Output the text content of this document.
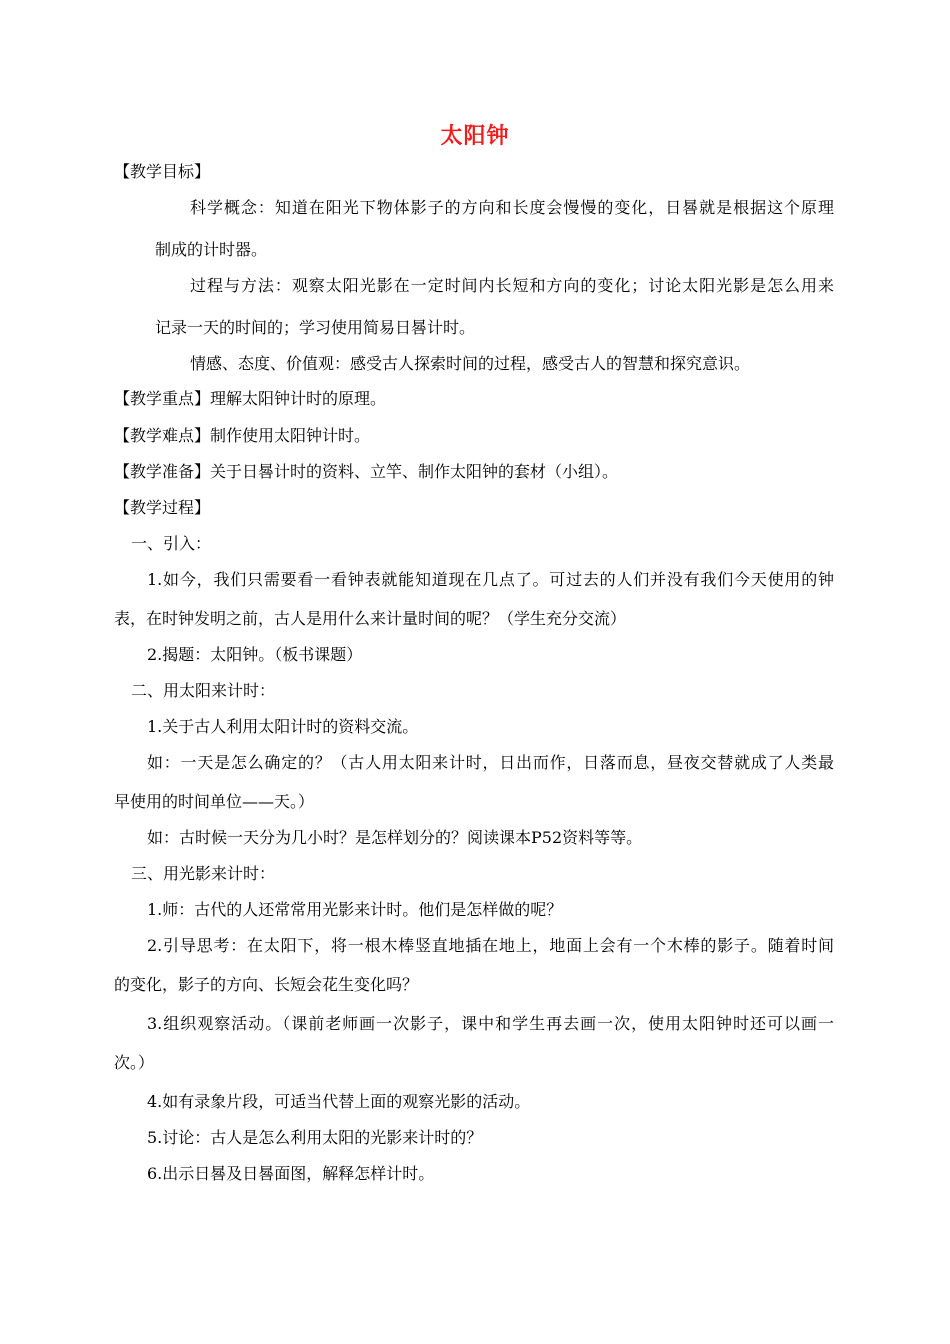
太阳钟
【教学目标】
科学概念：知道在阳光下物体影子的方向和长度会慢慢的变化，日晷就是根据这个原理
制成的计时器。
过程与方法：观察太阳光影在一定时间内长短和方向的变化；讨论太阳光影是怎么用来
记录一天的时间的；学习使用简易日晷计时。
情感、态度、价值观：感受古人探索时间的过程，感受古人的智慧和探究意识。
【教学重点】理解太阳钟计时的原理。
【教学难点】制作使用太阳钟计时。
【教学准备】关于日晷计时的资料、立竿、制作太阳钟的套材（小组）。
【教学过程】
一、引入：
1.如今，我们只需要看一看钟表就能知道现在几点了。可过去的人们并没有我们今天使用的钟
表，在时钟发明之前，古人是用什么来计量时间的呢？（学生充分交流）
2.揭题：太阳钟。（板书课题）
二、用太阳来计时：
1.关于古人利用太阳计时的资料交流。
如：一天是怎么确定的？（古人用太阳来计时，日出而作，日落而息，昼夜交替就成了人类最
早使用的时间单位——天。）
如：古时候一天分为几小时？是怎样划分的？阅读课本P52资料等等。
三、用光影来计时：
1.师：古代的人还常常用光影来计时。他们是怎样做的呢？
2.引导思考：在太阳下，将一根木棒竖直地插在地上，地面上会有一个木棒的影子。随着时间
的变化，影子的方向、长短会花生变化吗？
3.组织观察活动。（课前老师画一次影子，课中和学生再去画一次，使用太阳钟时还可以画一
次。）
4.如有录象片段，可适当代替上面的观察光影的活动。
5.讨论：古人是怎么利用太阳的光影来计时的？
6.出示日晷及日晷面图，解释怎样计时。
